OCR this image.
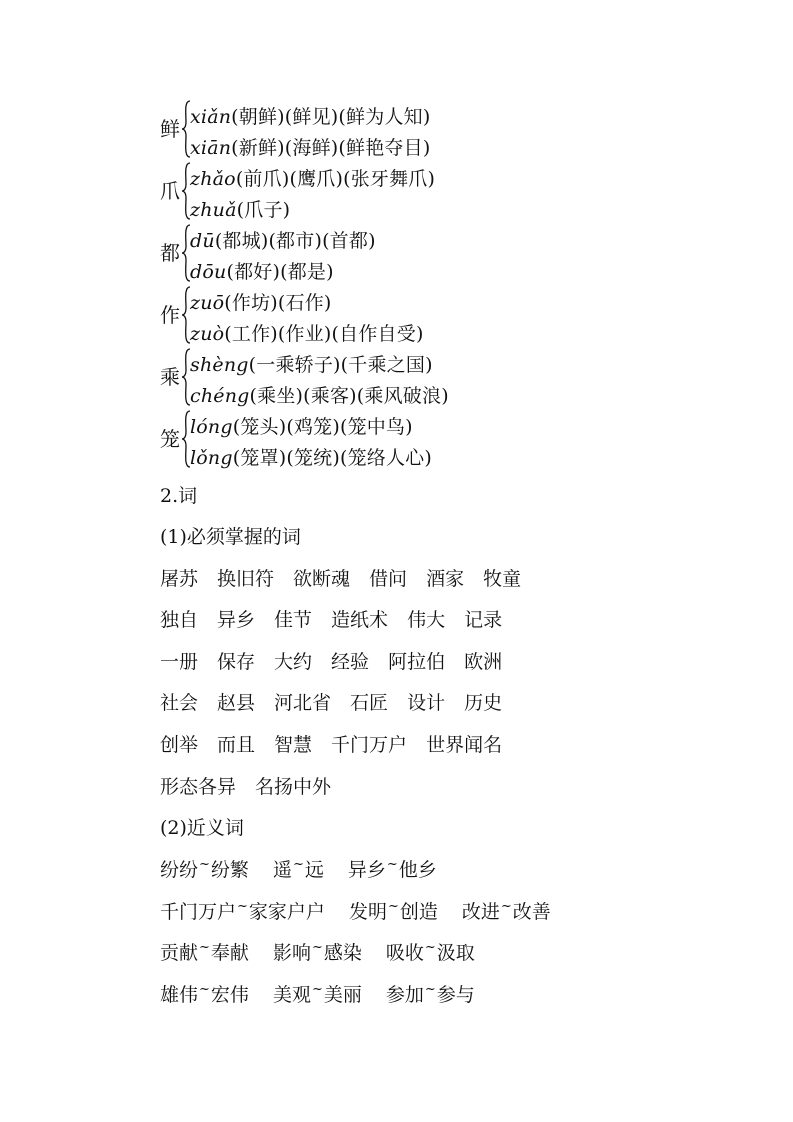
鲜 xiǎn(朝鲜)(鲜见)(鲜为人知)
xiān(新鲜)(海鲜)(鲜艳夺目)
爪 zhǎo(前爪)(鹰爪)(张牙舞爪)
zhuǎ(爪子)
都 dū(都城)(都市)(首都)
dōu(都好)(都是)
作 zuō(作坊)(石作)
zuò(工作)(作业)(自作自受)
乘 shèng(一乘轿子)(千乘之国)
chéng(乘坐)(乘客)(乘风破浪)
笼 lóng(笼头)(鸡笼)(笼中鸟)
lǒng(笼罩)(笼统)(笼络人心)
2.词
(1)必须掌握的词
屠苏 换旧符 欲断魂 借问 酒家 牧童
独自 异乡 佳节 造纸术 伟大 记录
一册 保存 大约 经验 阿拉伯 欧洲
社会 赵县 河北省 石匠 设计 历史
创举 而且 智慧 千门万户 世界闻名
形态各异 名扬中外
(2)近义词
纷纷~纷繁 遥~远 异乡~他乡
千门万户~家家户户 发明~创造 改进~改善
贡献~奉献 影响~感染 吸收~汲取
雄伟~宏伟 美观~美丽 参加~参与
